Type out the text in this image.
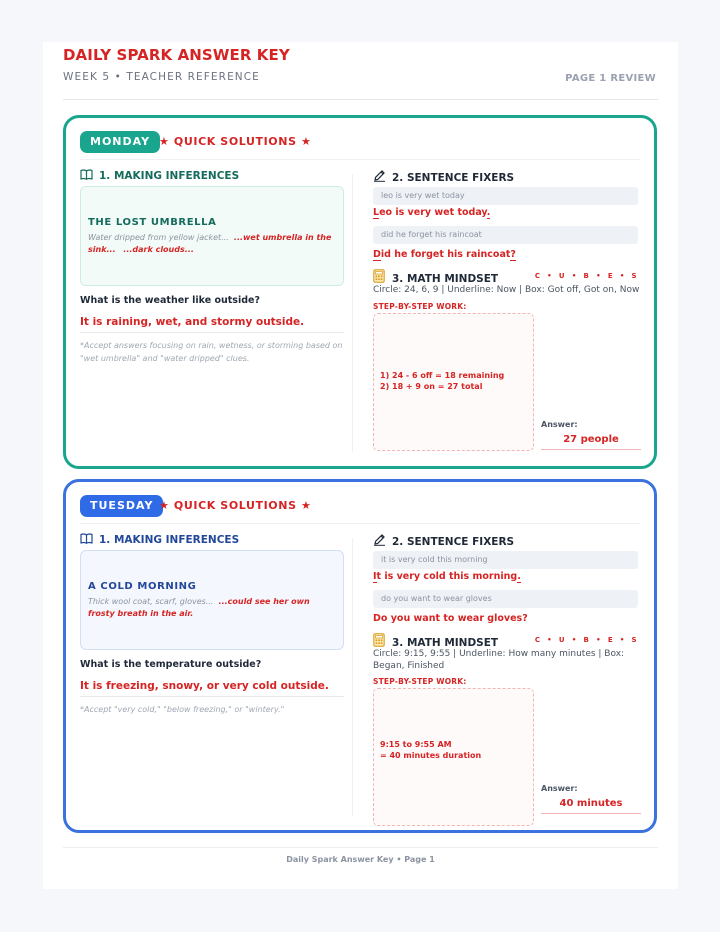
DAILY SPARK ANSWER KEY
WEEK 5 • TEACHER REFERENCE	PAGE 1 REVIEW
MONDAY ★ QUICK SOLUTIONS ★
1. MAKING INFERENCES
THE LOST UMBRELLA
Water dripped from yellow jacket... ...wet umbrella in the sink... ...dark clouds...
What is the weather like outside?
It is raining, wet, and stormy outside.
*Accept answers focusing on rain, wetness, or storming based on "wet umbrella" and "water dripped" clues.
2. SENTENCE FIXERS
leo is very wet today
Leo is very wet today.
did he forget his raincoat
Did he forget his raincoat?
3. MATH MINDSET	C • U • B • E • S
Circle: 24, 6, 9 | Underline: Now | Box: Got off, Got on, Now
STEP-BY-STEP WORK:
1) 24 - 6 off = 18 remaining
2) 18 + 9 on = 27 total
Answer:
27 people
TUESDAY ★ QUICK SOLUTIONS ★
1. MAKING INFERENCES
A COLD MORNING
Thick wool coat, scarf, gloves... ...could see her own frosty breath in the air.
What is the temperature outside?
It is freezing, snowy, or very cold outside.
*Accept "very cold," "below freezing," or "wintery."
2. SENTENCE FIXERS
it is very cold this morning
It is very cold this morning.
do you want to wear gloves
Do you want to wear gloves?
3. MATH MINDSET	C • U • B • E • S
Circle: 9:15, 9:55 | Underline: How many minutes | Box: Began, Finished
STEP-BY-STEP WORK:
9:15 to 9:55 AM
= 40 minutes duration
Answer:
40 minutes
Daily Spark Answer Key • Page 1
